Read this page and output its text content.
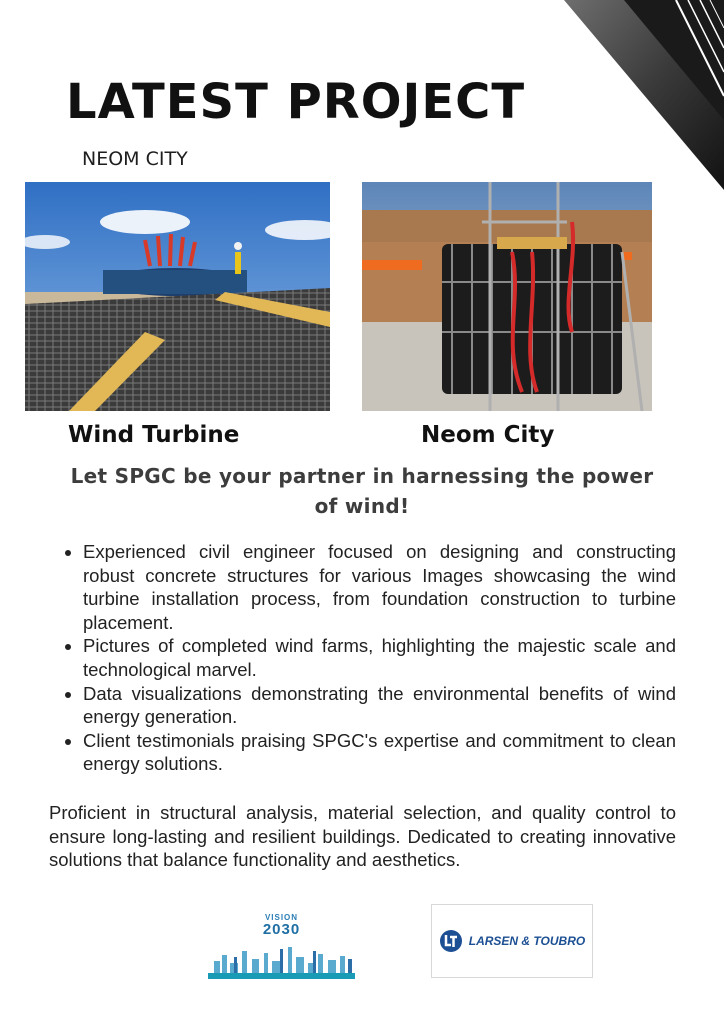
LATEST PROJECT
NEOM CITY
Wind Turbine	Neom City
Let SPGC be your partner in harnessing the power of wind!
• Experienced civil engineer focused on designing and constructing robust concrete structures for various Images showcasing the wind turbine installation process, from foundation construction to turbine placement.
• Pictures of completed wind farms, highlighting the majestic scale and technological marvel.
• Data visualizations demonstrating the environmental benefits of wind energy generation.
• Client testimonials praising SPGC's expertise and commitment to clean energy solutions.

Proficient in structural analysis, material selection, and quality control to ensure long-lasting and resilient buildings. Dedicated to creating innovative solutions that balance functionality and aesthetics.

VISION
2030
LARSEN & TOUBRO
